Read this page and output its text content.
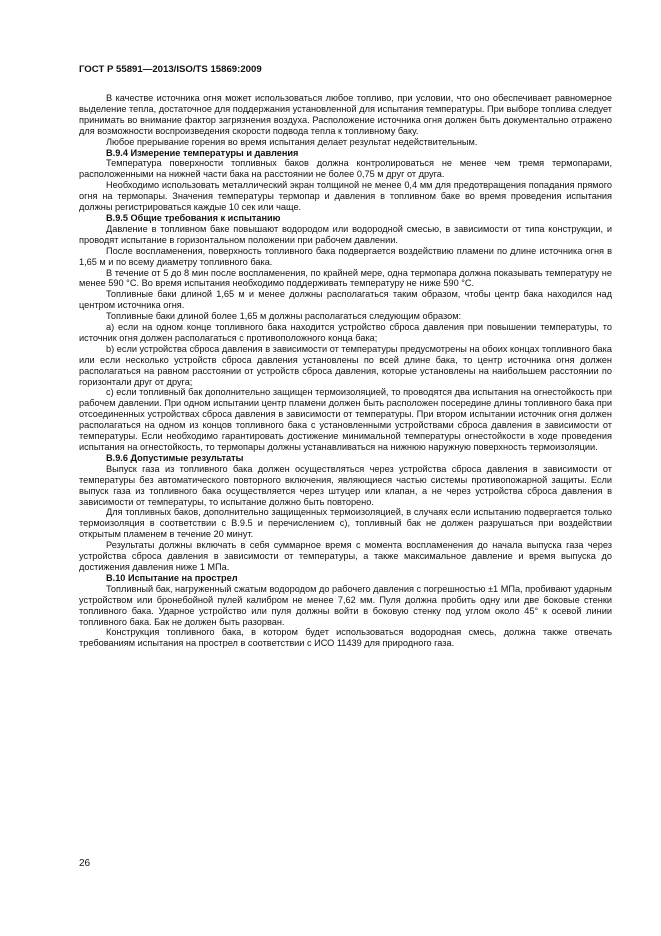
ГОСТ Р 55891—2013/ISO/TS 15869:2009

В качестве источника огня может использоваться любое топливо, при условии, что оно обеспечивает равномерное выделение тепла, достаточное для поддержания установленной для испытания температуры. При выборе топлива следует принимать во внимание фактор загрязнения воздуха. Расположение источника огня должен быть документально отражено для возможности воспроизведения скорости подвода тепла к топливному баку.

Любое прерывание горения во время испытания делает результат недействительным.

В.9.4 Измерение температуры и давления

Температура поверхности топливных баков должна контролироваться не менее чем тремя термопарами, расположенными на нижней части бака на расстоянии не более 0,75 м друг от друга.

Необходимо использовать металлический экран толщиной не менее 0,4 мм для предотвращения попадания прямого огня на термопары. Значения температуры термопар и давления в топливном баке во время проведения испытания должны регистрироваться каждые 10 сек или чаще.

В.9.5 Общие требования к испытанию

Давление в топливном баке повышают водородом или водородной смесью, в зависимости от типа конструкции, и проводят испытание в горизонтальном положении при рабочем давлении.

После воспламенения, поверхность топливного бака подвергается воздействию пламени по длине источника огня в 1,65 м и по всему диаметру топливного бака.

В течение от 5 до 8 мин после воспламенения, по крайней мере, одна термопара должна показывать температуру не менее 590 °C. Во время испытания необходимо поддерживать температуру не ниже 590 °C.

Топливные баки длиной 1,65 м и менее должны располагаться таким образом, чтобы центр бака находился над центром источника огня.

Топливные баки длиной более 1,65 м должны располагаться следующим образом:

а) если на одном конце топливного бака находится устройство сброса давления при повышении температуры, то источник огня должен располагаться с противоположного конца бака;

b) если устройства сброса давления в зависимости от температуры предусмотрены на обоих концах топливного бака или если несколько устройств сброса давления установлены по всей длине бака, то центр источника огня должен располагаться на равном расстоянии от устройств сброса давления, которые установлены на наибольшем расстоянии по горизонтали друг от друга;

с) если топливный бак дополнительно защищен термоизоляцией, то проводятся два испытания на огнестойкость при рабочем давлении. При одном испытании центр пламени должен быть расположен посередине длины топливного бака при отсоединенных устройствах сброса давления в зависимости от температуры. При втором испытании источник огня должен располагаться на одном из концов топливного бака с установленными устройствами сброса давления в зависимости от температуры. Если необходимо гарантировать достижение минимальной температуры огнестойкости в ходе проведения испытания на огнестойкость, то термопары должны устанавливаться на нижнюю наружную поверхность термоизоляции.

В.9.6 Допустимые результаты

Выпуск газа из топливного бака должен осуществляться через устройства сброса давления в зависимости от температуры без автоматического повторного включения, являющиеся частью системы противопожарной защиты. Если выпуск газа из топливного бака осуществляется через штуцер или клапан, а не через устройства сброса давления в зависимости от температуры, то испытание должно быть повторено.

Для топливных баков, дополнительно защищенных термоизоляцией, в случаях если испытанию подвергается только термоизоляция в соответствии с В.9.5 и перечислением с), топливный бак не должен разрушаться при воздействии открытым пламенем в течение 20 минут.

Результаты должны включать в себя суммарное время с момента воспламенения до начала выпуска газа через устройства сброса давления в зависимости от температуры, а также максимальное давление и время выпуска до достижения давления ниже 1 МПа.

В.10 Испытание на прострел

Топливный бак, нагруженный сжатым водородом до рабочего давления с погрешностью ±1 МПа, пробивают ударным устройством или бронебойной пулей калибром не менее 7,62 мм. Пуля должна пробить одну или две боковые стенки топливного бака. Ударное устройство или пуля должны войти в боковую стенку под углом около 45° к осевой линии топливного бака. Бак не должен быть разорван.

Конструкция топливного бака, в котором будет использоваться водородная смесь, должна также отвечать требованиям испытания на прострел в соответствии с ИСО 11439 для природного газа.

26
